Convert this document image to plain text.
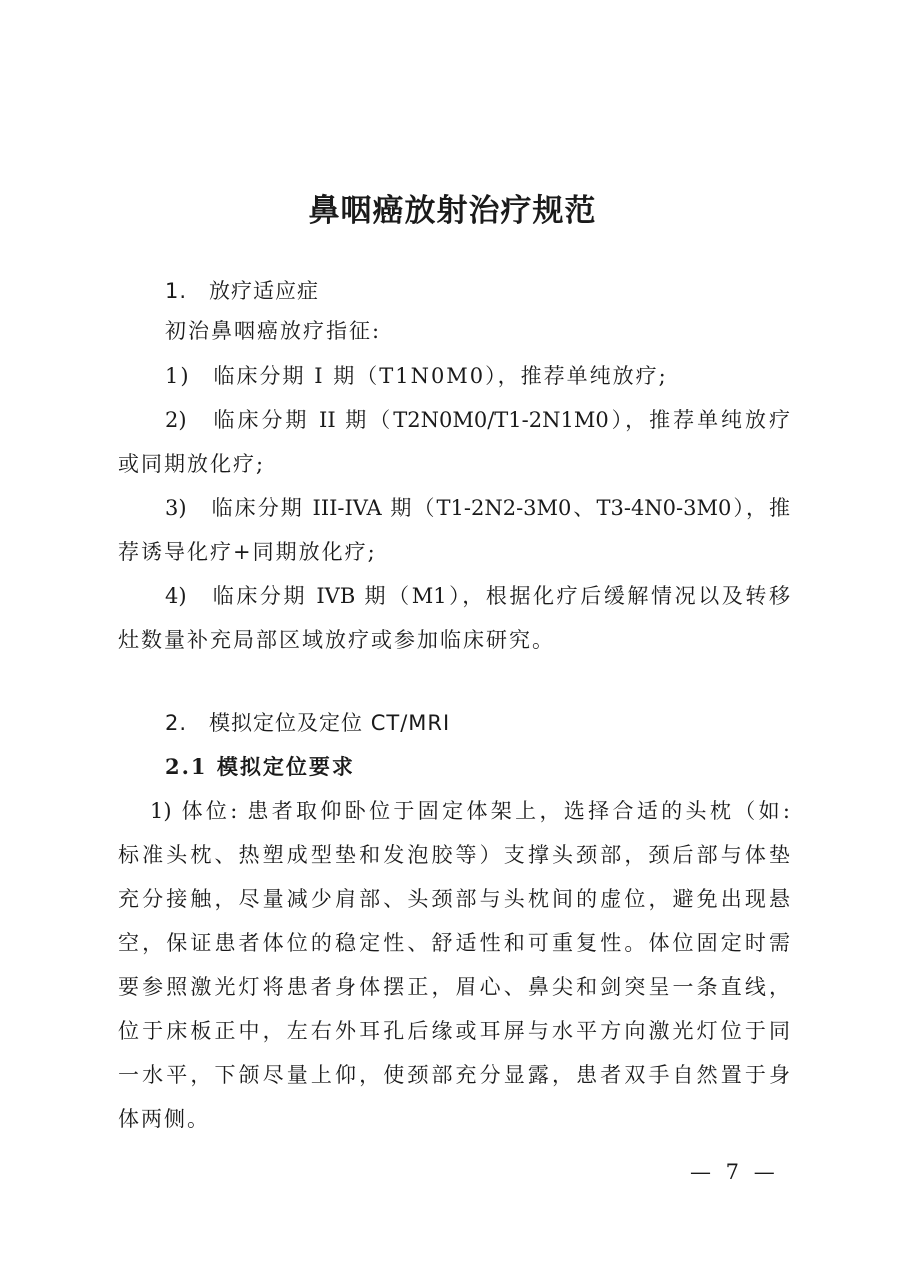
鼻咽癌放射治疗规范
1.　放疗适应症
初治鼻咽癌放疗指征:
1)　临床分期 I 期（T1N0M0），推荐单纯放疗;
2)　临床分期 II 期（T2N0M0/T1-2N1M0），推荐单纯放疗
或同期放化疗;
3)　临床分期 III-IVA 期（T1-2N2-3M0、T3-4N0-3M0），推
荐诱导化疗+同期放化疗;
4)　临床分期 IVB 期（M1），根据化疗后缓解情况以及转移
灶数量补充局部区域放疗或参加临床研究。
2.　模拟定位及定位 CT/MRI
2.1 模拟定位要求
1) 体位: 患者取仰卧位于固定体架上，选择合适的头枕（如:
标准头枕、热塑成型垫和发泡胶等）支撑头颈部，颈后部与体垫
充分接触，尽量减少肩部、头颈部与头枕间的虚位，避免出现悬
空，保证患者体位的稳定性、舒适性和可重复性。体位固定时需
要参照激光灯将患者身体摆正，眉心、鼻尖和剑突呈一条直线，
位于床板正中，左右外耳孔后缘或耳屏与水平方向激光灯位于同
一水平，下颌尽量上仰，使颈部充分显露，患者双手自然置于身
体两侧。
— 7 —
